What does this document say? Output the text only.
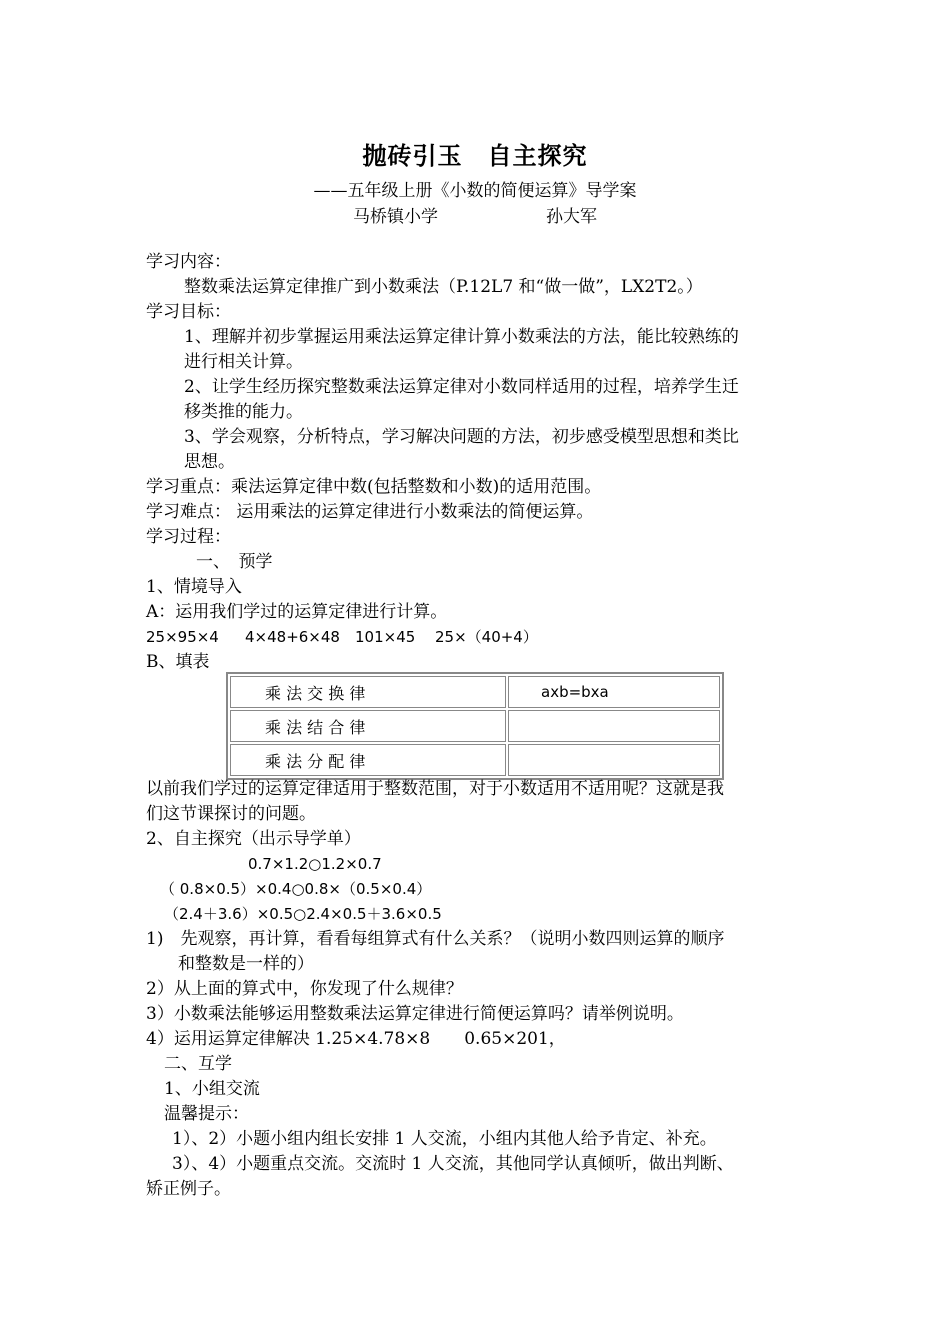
抛砖引玉　自主探究
——五年级上册《小数的简便运算》导学案
马桥镇小学	孙大军
学习内容：
整数乘法运算定律推广到小数乘法（P.12L7 和“做一做”，LX2T2。）
学习目标：
1、理解并初步掌握运用乘法运算定律计算小数乘法的方法，能比较熟练的
进行相关计算。
2、让学生经历探究整数乘法运算定律对小数同样适用的过程，培养学生迁
移类推的能力。
3、学会观察，分析特点，学习解决问题的方法，初步感受模型思想和类比
思想。
学习重点：乘法运算定律中数(包括整数和小数)的适用范围。
学习难点： 运用乘法的运算定律进行小数乘法的简便运算。
学习过程：
一、　预学
1、情境导入
A：运用我们学过的运算定律进行计算。
25×95×4 4×48+6×48 101×45 25×（40+4）
B、填表
乘 法 交 换 律	axb=bxa
乘 法 结 合 律	
乘 法 分 配 律	
以前我们学过的运算定律适用于整数范围，对于小数适用不适用呢？这就是我
们这节课探讨的问题。
2、自主探究（出示导学单）
0.7×1.2○1.2×0.7
（ 0.8×0.5）×0.4○0.8×（0.5×0.4）
（2.4＋3.6）×0.5○2.4×0.5＋3.6×0.5
1)　先观察，再计算，看看每组算式有什么关系？（说明小数四则运算的顺序
和整数是一样的）
2）从上面的算式中，你发现了什么规律？
3）小数乘法能够运用整数乘法运算定律进行简便运算吗？请举例说明。
4）运用运算定律解决 1.25×4.78×8　　0.65×201，
二、互学
1、小组交流
温馨提示：
1）、2）小题小组内组长安排 1 人交流，小组内其他人给予肯定、补充。
3）、4）小题重点交流。交流时 1 人交流，其他同学认真倾听，做出判断、
矫正例子。
